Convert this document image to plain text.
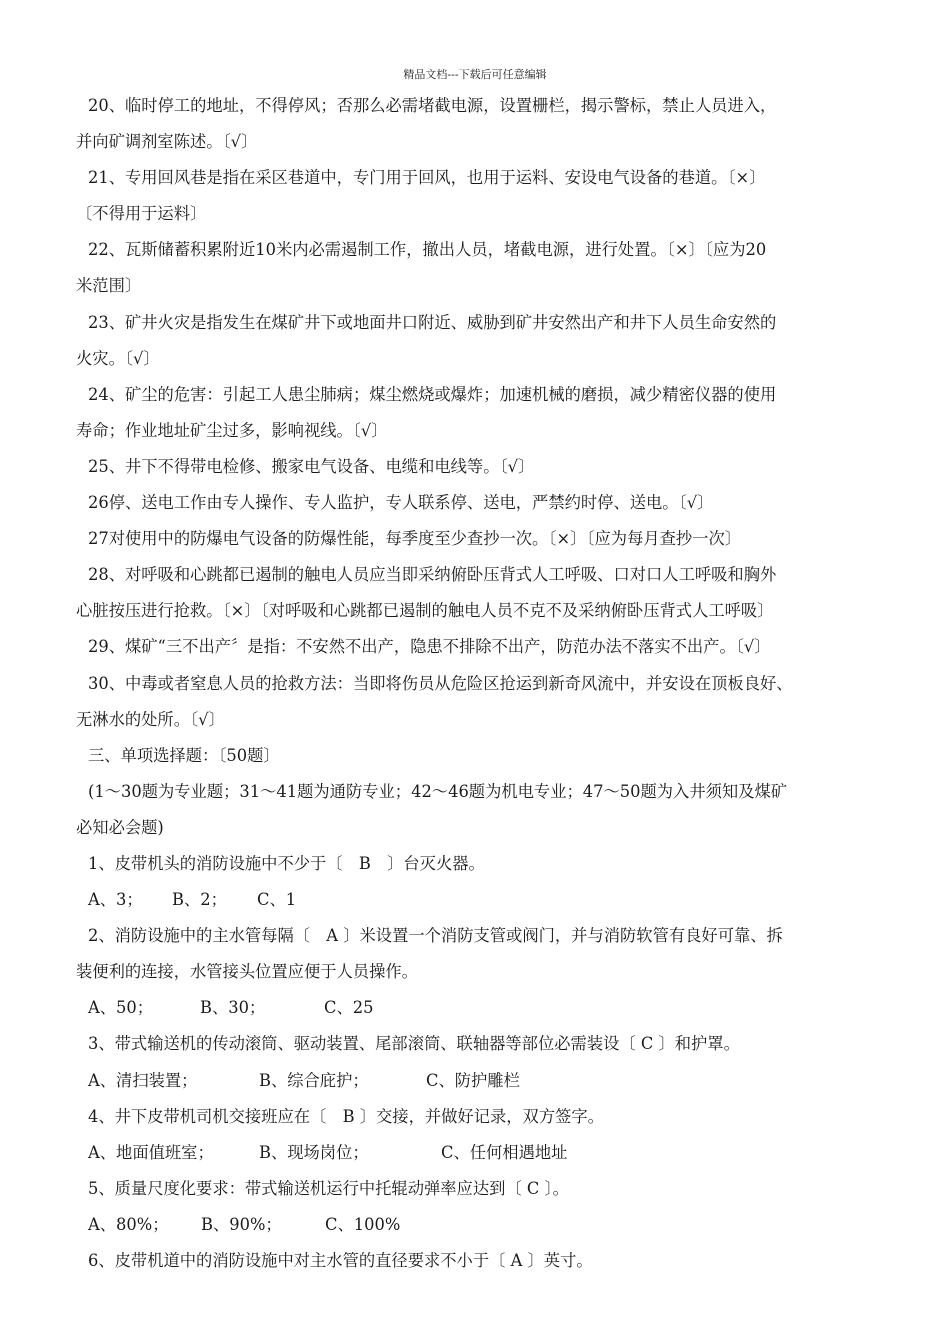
精品文档---下载后可任意编辑
20、临时停工的地址，不得停风；否那么必需堵截电源，设置栅栏，揭示警标，禁止人员进入，
并向矿调剂室陈述。〔√〕
21、专用回风巷是指在采区巷道中，专门用于回风，也用于运料、安设电气设备的巷道。〔×〕
〔不得用于运料〕
22、瓦斯储蓄积累附近10米内必需遏制工作，撤出人员，堵截电源，进行处置。〔×〕〔应为20
米范围〕
23、矿井火灾是指发生在煤矿井下或地面井口附近、威胁到矿井安然出产和井下人员生命安然的
火灾。〔√〕
24、矿尘的危害：引起工人患尘肺病；煤尘燃烧或爆炸；加速机械的磨损，减少精密仪器的使用
寿命；作业地址矿尘过多，影响视线。〔√〕
25、井下不得带电检修、搬家电气设备、电缆和电线等。〔√〕
26停、送电工作由专人操作、专人监护，专人联系停、送电，严禁约时停、送电。〔√〕
27对使用中的防爆电气设备的防爆性能，每季度至少查抄一次。〔×〕〔应为每月查抄一次〕
28、对呼吸和心跳都已遏制的触电人员应当即采纳俯卧压背式人工呼吸、口对口人工呼吸和胸外
心脏按压进行抢救。〔×〕〔对呼吸和心跳都已遏制的触电人员不克不及采纳俯卧压背式人工呼吸〕
29、煤矿“三不出产〞是指：不安然不出产，隐患不排除不出产，防范办法不落实不出产。〔√〕
30、中毒或者窒息人员的抢救方法：当即将伤员从危险区抢运到新奇风流中，并安设在顶板良好、
无淋水的处所。〔√〕
三、单项选择题：〔50题〕
(1～30题为专业题；31～41题为通防专业；42～46题为机电专业；47～50题为入井须知及煤矿
必知必会题)
1、皮带机头的消防设施中不少于〔　B　〕台灭火器。
A、3； B、2； C、1
2、消防设施中的主水管每隔〔　A 〕米设置一个消防支管或阀门，并与消防软管有良好可靠、拆
装便利的连接，水管接头位置应便于人员操作。
A、50；	B、30；	C、25
3、带式输送机的传动滚筒、驱动装置、尾部滚筒、联轴器等部位必需装设〔 C 〕和护罩。
A、清扫装置；	B、综合庇护；	C、防护雕栏
4、井下皮带机司机交接班应在〔　B 〕交接，并做好记录，双方签字。
A、地面值班室；	B、现场岗位；	C、任何相遇地址
5、质量尺度化要求：带式输送机运行中托辊动弹率应达到〔 C 〕。
A、80%； B、90%；	C、100%
6、皮带机道中的消防设施中对主水管的直径要求不小于〔 A 〕英寸。
